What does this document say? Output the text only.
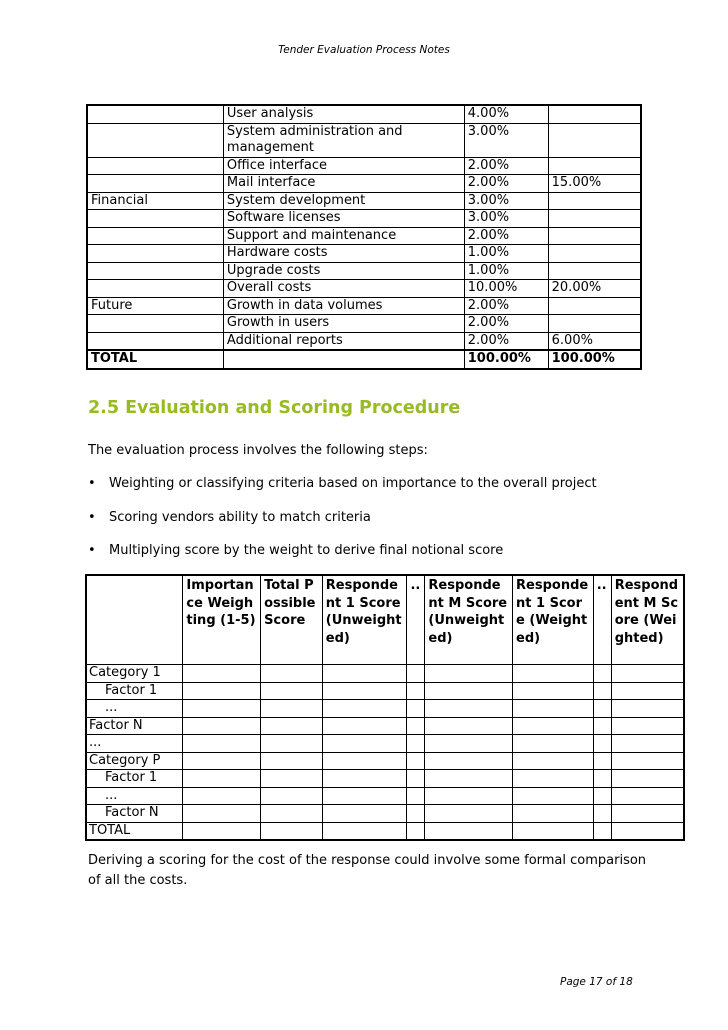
Tender Evaluation Process Notes
	User analysis	4.00%	
	System administration and management	3.00%	
	Office interface	2.00%	
	Mail interface	2.00%	15.00%
Financial	System development	3.00%	
	Software licenses	3.00%	
	Support and maintenance	2.00%	
	Hardware costs	1.00%	
	Upgrade costs	1.00%	
	Overall costs	10.00%	20.00%
Future	Growth in data volumes	2.00%	
	Growth in users	2.00%	
	Additional reports	2.00%	6.00%
TOTAL		100.00%	100.00%
2.5 Evaluation and Scoring Procedure
The evaluation process involves the following steps:
• Weighting or classifying criteria based on importance to the overall project
• Scoring vendors ability to match criteria
• Multiplying score by the weight to derive final notional score
	Importance Weighting (1-5)	Total Possible Score	Respondent 1 Score (Unweighted)	..	Respondent M Score (Unweighted)	Respondent 1 Score (Weighted)	..	Respondent M Score (Weighted)
Category 1								
Factor 1								
...								
Factor N								
...								
Category P								
Factor 1								
...								
Factor N								
TOTAL								
Deriving a scoring for the cost of the response could involve some formal comparison of all the costs.
Page 17 of 18
